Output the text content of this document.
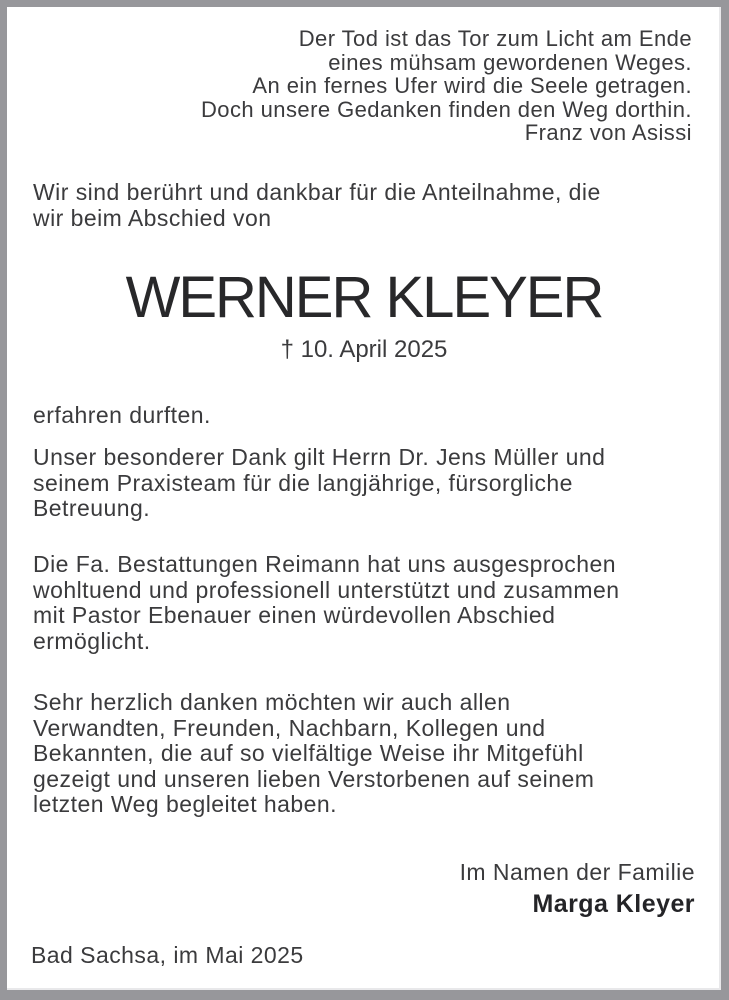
Der Tod ist das Tor zum Licht am Ende
eines mühsam gewordenen Weges.
An ein fernes Ufer wird die Seele getragen.
Doch unsere Gedanken finden den Weg dorthin.
Franz von Asissi
Wir sind berührt und dankbar für die Anteilnahme, die
wir beim Abschied von
WERNER KLEYER
† 10. April 2025
erfahren durften.
Unser besonderer Dank gilt Herrn Dr. Jens Müller und
seinem Praxisteam für die langjährige, fürsorgliche
Betreuung.
Die Fa. Bestattungen Reimann hat uns ausgesprochen
wohltuend und professionell unterstützt und zusammen
mit Pastor Ebenauer einen würdevollen Abschied
ermöglicht.
Sehr herzlich danken möchten wir auch allen
Verwandten, Freunden, Nachbarn, Kollegen und
Bekannten, die auf so vielfältige Weise ihr Mitgefühl
gezeigt und unseren lieben Verstorbenen auf seinem
letzten Weg begleitet haben.
Im Namen der Familie
Marga Kleyer
Bad Sachsa, im Mai 2025
